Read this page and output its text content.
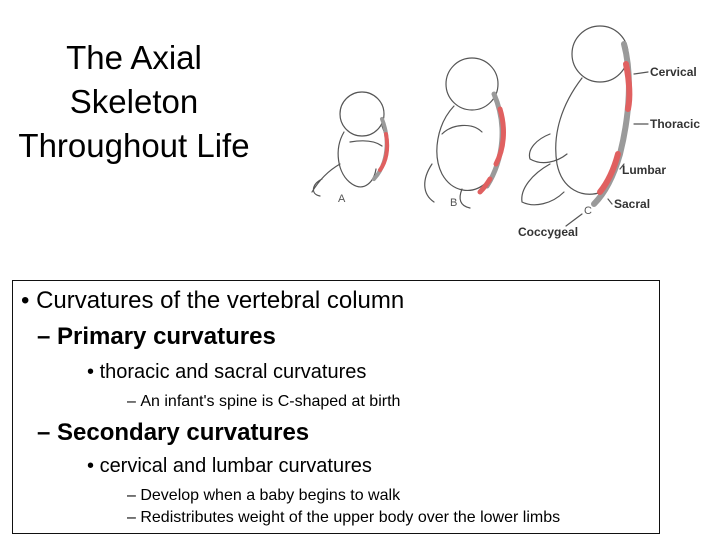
The Axial
Skeleton
Throughout Life
A	B
Cervical
Thoracic
Lumbar
Sacral
Coccygeal
C
• Curvatures of the vertebral column
– Primary curvatures
• thoracic and sacral curvatures
– An infant's spine is C-shaped at birth
– Secondary curvatures
• cervical and lumbar curvatures
– Develop when a baby begins to walk
– Redistributes weight of the upper body over the lower limbs
